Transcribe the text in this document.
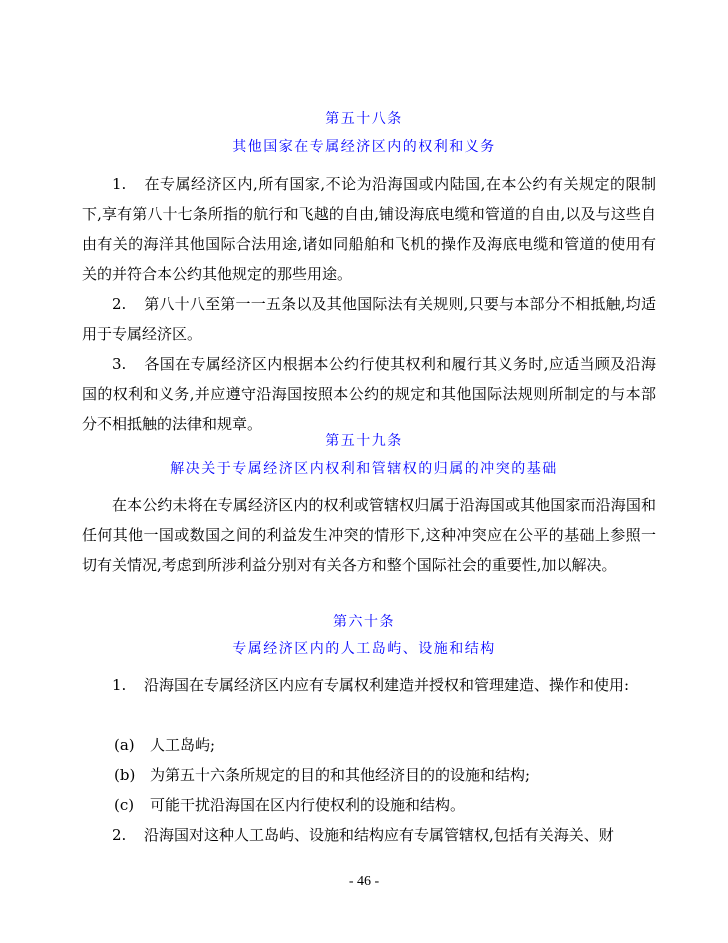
第五十八条
其他国家在专属经济区内的权利和义务

1. 在专属经济区内,所有国家,不论为沿海国或内陆国,在本公约有关规定的限制下,享有第八十七条所指的航行和飞越的自由,铺设海底电缆和管道的自由,以及与这些自由有关的海洋其他国际合法用途,诸如同船舶和飞机的操作及海底电缆和管道的使用有关的并符合本公约其他规定的那些用途。

2. 第八十八至第一一五条以及其他国际法有关规则,只要与本部分不相抵触,均适用于专属经济区。

3. 各国在专属经济区内根据本公约行使其权利和履行其义务时,应适当顾及沿海国的权利和义务,并应遵守沿海国按照本公约的规定和其他国际法规则所制定的与本部分不相抵触的法律和规章。

第五十九条
解决关于专属经济区内权利和管辖权的归属的冲突的基础

在本公约未将在专属经济区内的权利或管辖权归属于沿海国或其他国家而沿海国和任何其他一国或数国之间的利益发生冲突的情形下,这种冲突应在公平的基础上参照一切有关情况,考虑到所涉利益分别对有关各方和整个国际社会的重要性,加以解决。

第六十条
专属经济区内的人工岛屿、设施和结构

1. 沿海国在专属经济区内应有专属权利建造并授权和管理建造、操作和使用:

(a) 人工岛屿;
(b) 为第五十六条所规定的目的和其他经济目的的设施和结构;
(c) 可能干扰沿海国在区内行使权利的设施和结构。

2. 沿海国对这种人工岛屿、设施和结构应有专属管辖权,包括有关海关、财

- 46 -
